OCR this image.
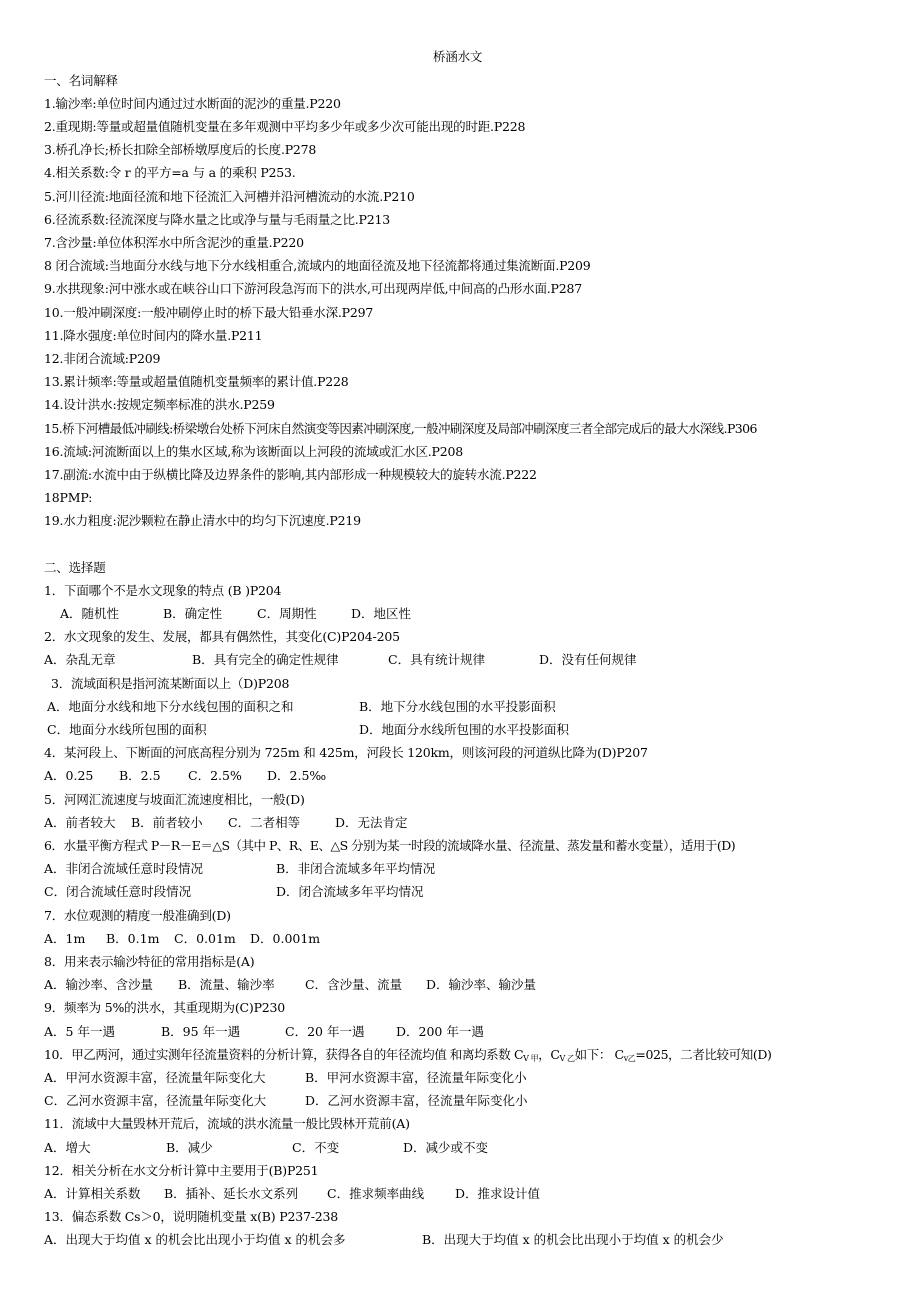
桥涵水文
一、名词解释
1.输沙率:单位时间内通过过水断面的泥沙的重量.P220
2.重现期:等量或超量值随机变量在多年观测中平均多少年或多少次可能出现的时距.P228
3.桥孔净长;桥长扣除全部桥墩厚度后的长度.P278
4.相关系数:令 r 的平方=a 与 a 的乘积 P253.
5.河川径流:地面径流和地下径流汇入河槽并沿河槽流动的水流.P210
6.径流系数:径流深度与降水量之比或净与量与毛雨量之比.P213
7.含沙量:单位体积浑水中所含泥沙的重量.P220
8 闭合流域:当地面分水线与地下分水线相重合,流域内的地面径流及地下径流都将通过集流断面.P209
9.水拱现象:河中涨水或在峡谷山口下游河段急泻而下的洪水,可出现两岸低,中间高的凸形水面.P287
10.一般冲刷深度:一般冲刷停止时的桥下最大铅垂水深.P297
11.降水强度:单位时间内的降水量.P211
12.非闭合流域:P209
13.累计频率:等量或超量值随机变量频率的累计值.P228
14.设计洪水:按规定频率标准的洪水.P259
15.桥下河槽最低冲刷线:桥梁墩台处桥下河床自然演变等因素冲刷深度,一般冲刷深度及局部冲刷深度三者全部完成后的最大水深线.P306
16.流域:河流断面以上的集水区域,称为该断面以上河段的流域或汇水区.P208
17.副流:水流中由于纵横比降及边界条件的影响,其内部形成一种规模较大的旋转水流.P222
18PMP:
19.水力粗度:泥沙颗粒在静止清水中的均匀下沉速度.P219
二、选择题
1．下面哪个不是水文现象的特点 (B )P204
A．随机性	B．确定性	C．周期性	D．地区性
2．水文现象的发生、发展，都具有偶然性，其变化(C)P204-205
A．杂乱无章	B．具有完全的确定性规律	C．具有统计规律	D．没有任何规律
3．流域面积是指河流某断面以上（D)P208
A．地面分水线和地下分水线包围的面积之和	B．地下分水线包围的水平投影面积
C．地面分水线所包围的面积	D．地面分水线所包围的水平投影面积
4．某河段上、下断面的河底高程分别为 725m 和 425m，河段长 120km，则该河段的河道纵比降为(D)P207
A．0.25 B．2.5 C．2.5% D．2.5‰
5．河网汇流速度与坡面汇流速度相比，一般(D)
A．前者较大 B．前者较小 C．二者相等	D．无法肯定
6．水量平衡方程式 P－R－E＝△S（其中 P、R、E、△S 分别为某一时段的流域降水量、径流量、蒸发量和蓄水变量），适用于(D)
A．非闭合流域任意时段情况	B．非闭合流域多年平均情况
C．闭合流域任意时段情况	D．闭合流域多年平均情况
7．水位观测的精度一般准确到(D)
A．1m B．0.1m C．0.01m D．0.001m
8．用来表示输沙特征的常用指标是(A)
A．输沙率、含沙量 B．流量、输沙率 C．含沙量、流量 D．输沙率、输沙量
9．频率为 5%的洪水，其重现期为(C)P230
A．5 年一遇	B．95 年一遇	C．20 年一遇	D．200 年一遇
10．甲乙两河，通过实测年径流量资料的分析计算，获得各自的年径流均值 和离均系数 $C_{V 甲}$，$C_{V 乙}$如下： $C_{v乙}=025$，二者比较可知(D)
A．甲河水资源丰富，径流量年际变化大	B．甲河水资源丰富，径流量年际变化小
C．乙河水资源丰富，径流量年际变化大	D．乙河水资源丰富，径流量年际变化小
11．流域中大量毁林开荒后，流域的洪水流量一般比毁林开荒前(A)
A．增大	B．减少	C．不变	D．减少或不变
12．相关分析在水文分析计算中主要用于(B)P251
A．计算相关系数 B．插补、延长水文系列 C．推求频率曲线 D．推求设计值
13．偏态系数 Cs＞0，说明随机变量 x(B) P237-238
A．出现大于均值 x 的机会比出现小于均值 x 的机会多	B．出现大于均值 x 的机会比出现小于均值 x 的机会少
